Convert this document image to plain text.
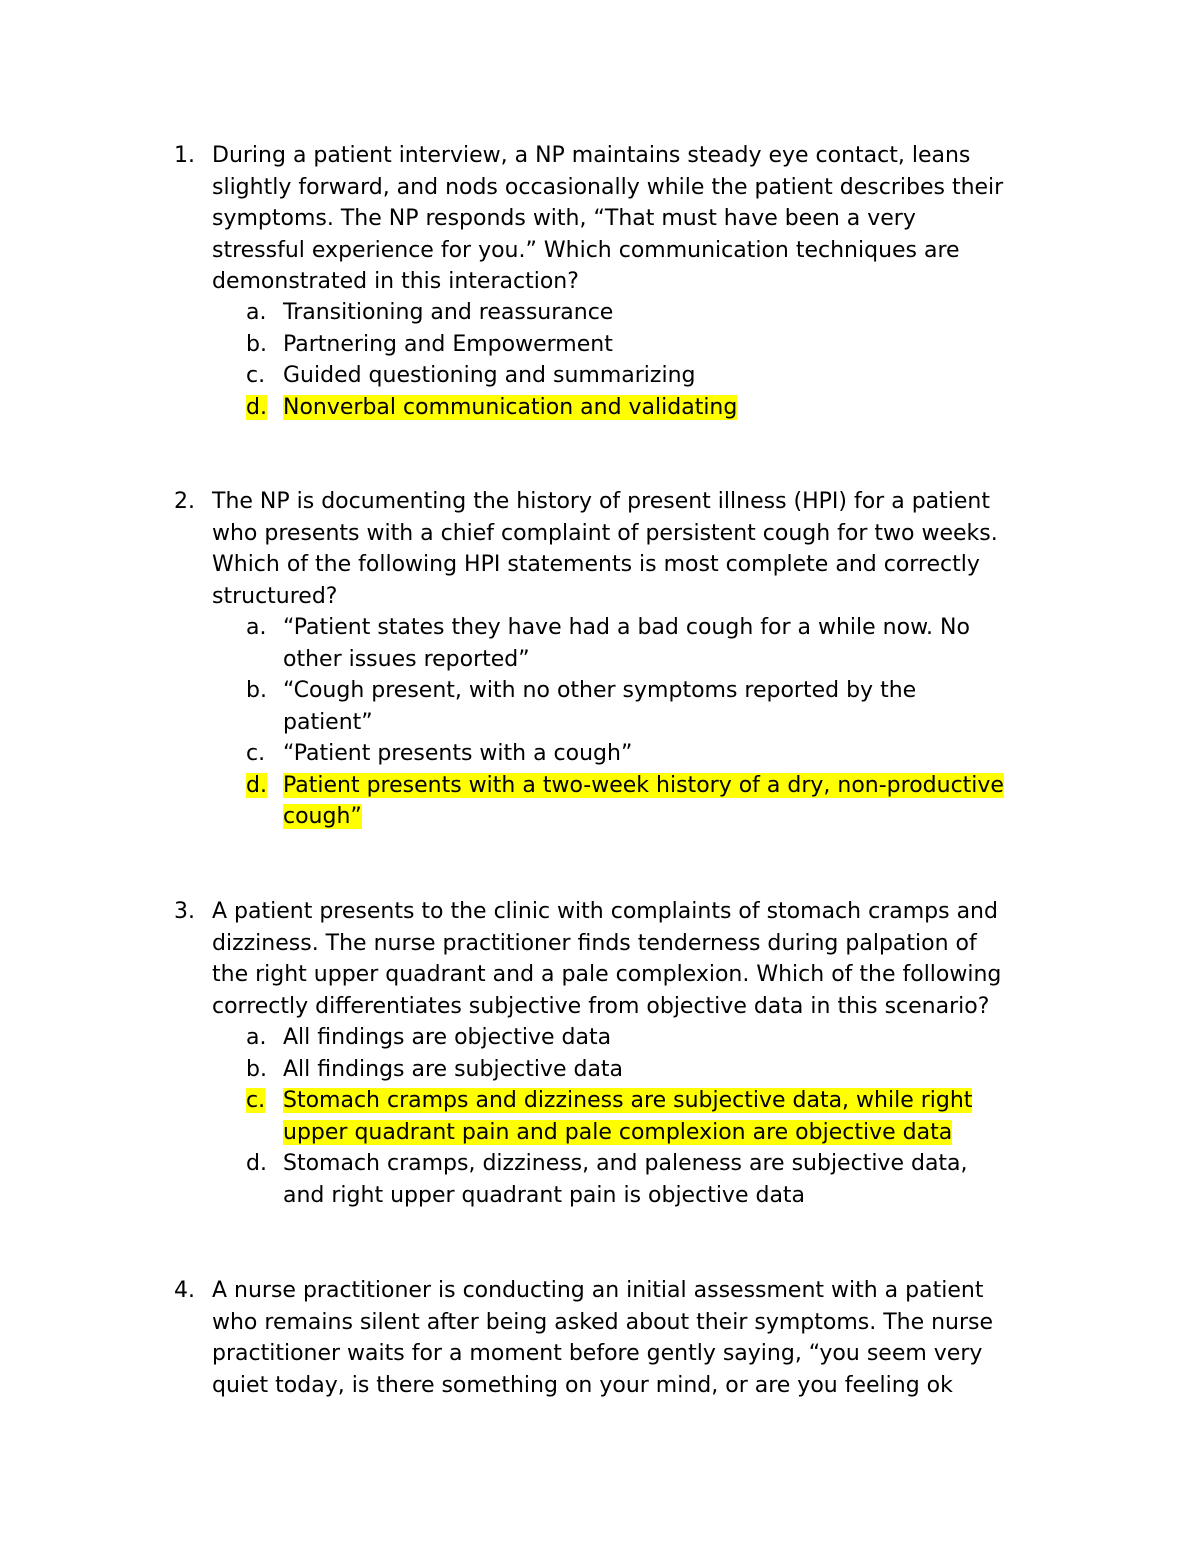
1. During a patient interview, a NP maintains steady eye contact, leans
slightly forward, and nods occasionally while the patient describes their
symptoms. The NP responds with, “That must have been a very
stressful experience for you.” Which communication techniques are
demonstrated in this interaction?
a. Transitioning and reassurance
b. Partnering and Empowerment
c. Guided questioning and summarizing
d. Nonverbal communication and validating
2. The NP is documenting the history of present illness (HPI) for a patient
who presents with a chief complaint of persistent cough for two weeks.
Which of the following HPI statements is most complete and correctly
structured?
a. “Patient states they have had a bad cough for a while now. No
other issues reported”
b. “Cough present, with no other symptoms reported by the
patient”
c. “Patient presents with a cough”
d. Patient presents with a two-week history of a dry, non-productive
cough”
3. A patient presents to the clinic with complaints of stomach cramps and
dizziness. The nurse practitioner finds tenderness during palpation of
the right upper quadrant and a pale complexion. Which of the following
correctly differentiates subjective from objective data in this scenario?
a. All findings are objective data
b. All findings are subjective data
c. Stomach cramps and dizziness are subjective data, while right
upper quadrant pain and pale complexion are objective data
d. Stomach cramps, dizziness, and paleness are subjective data,
and right upper quadrant pain is objective data
4. A nurse practitioner is conducting an initial assessment with a patient
who remains silent after being asked about their symptoms. The nurse
practitioner waits for a moment before gently saying, “you seem very
quiet today, is there something on your mind, or are you feeling ok
